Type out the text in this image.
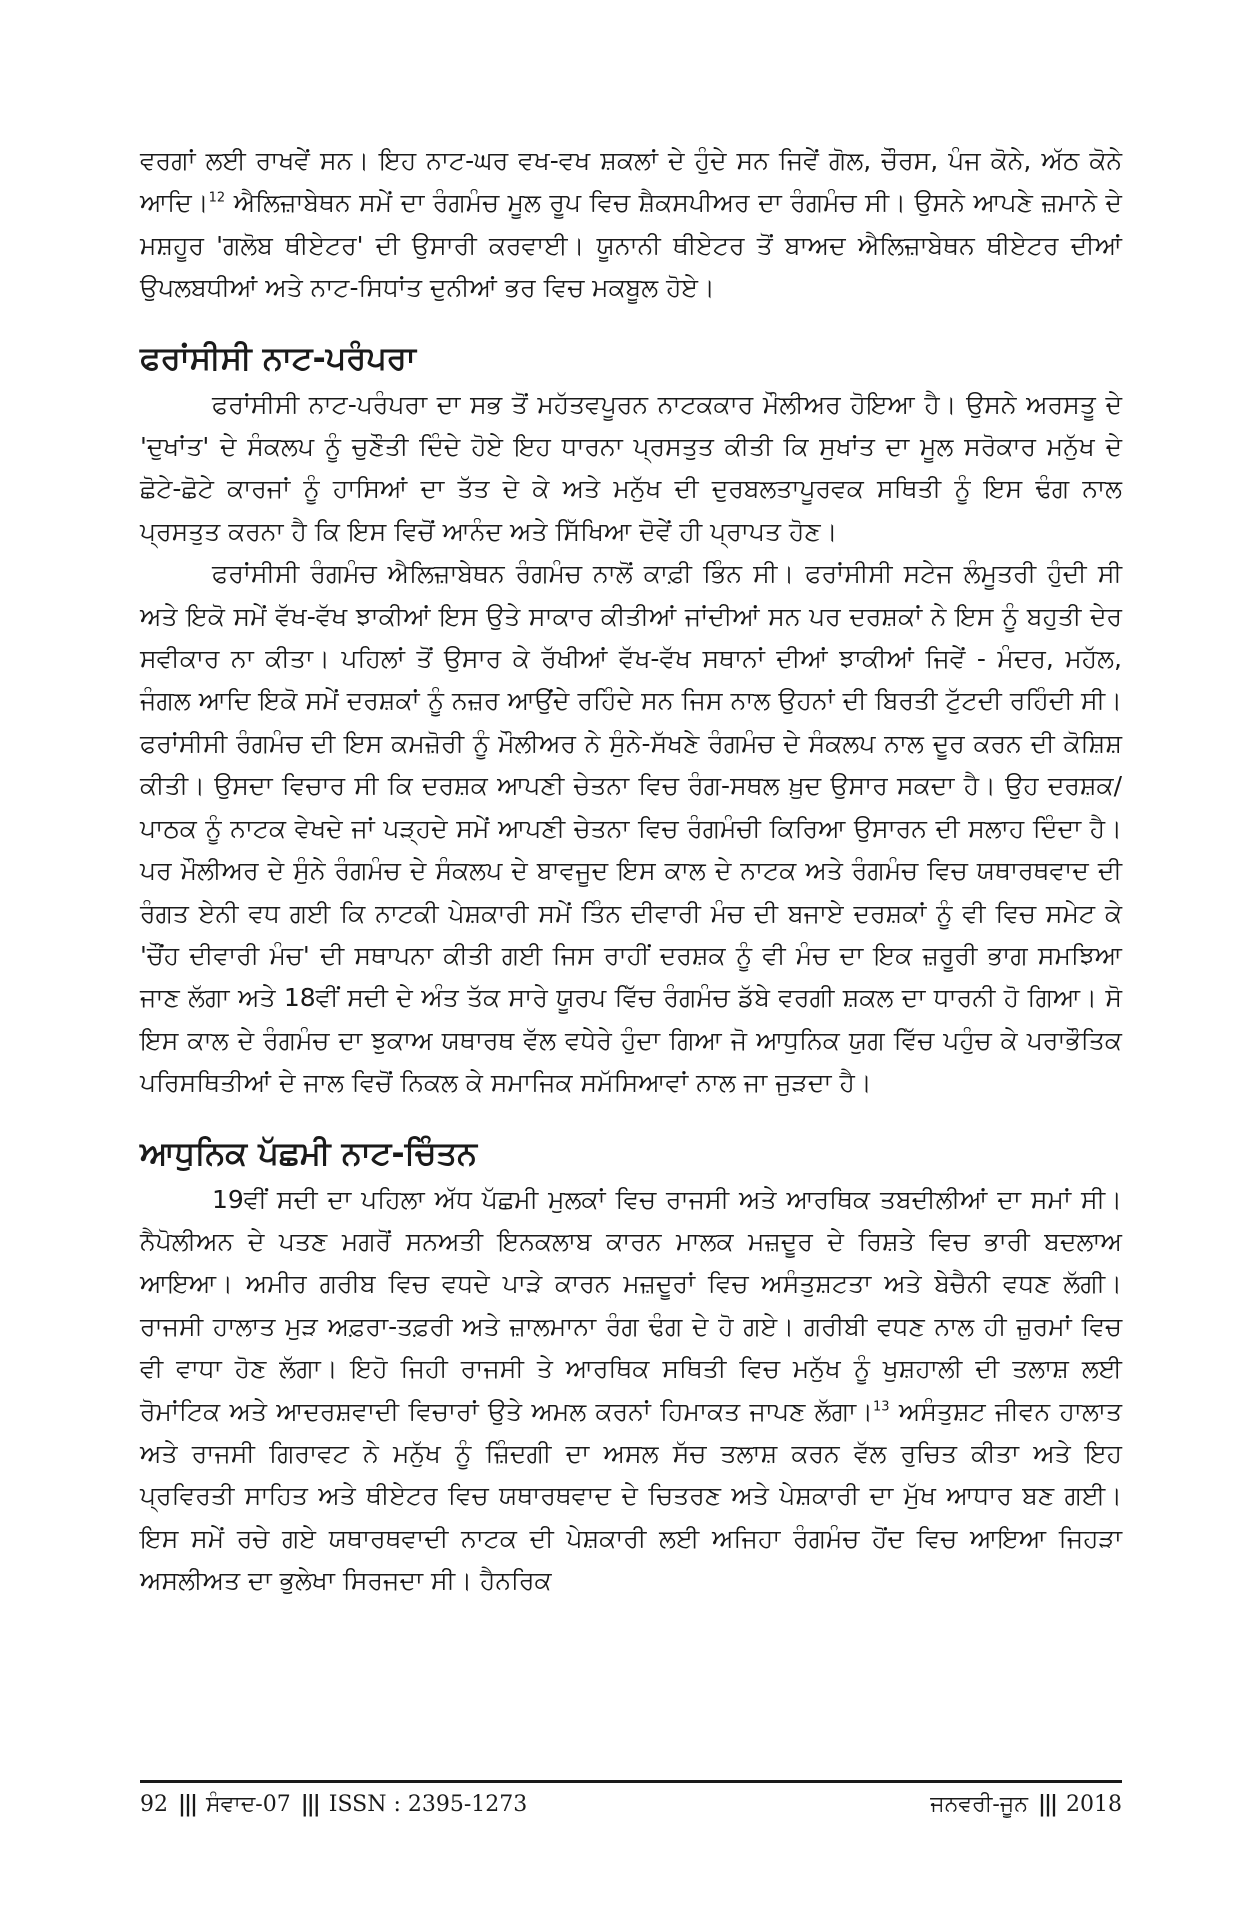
ਵਰਗਾਂ ਲਈ ਰਾਖਵੇਂ ਸਨ। ਇਹ ਨਾਟ-ਘਰ ਵਖ-ਵਖ ਸ਼ਕਲਾਂ ਦੇ ਹੁੰਦੇ ਸਨ ਜਿਵੇਂ ਗੋਲ, ਚੌਰਸ, ਪੰਜ ਕੋਨੇ, ਅੱਠ ਕੋਨੇ ਆਦਿ।$^{12}$ ਐਲਿਜ਼ਾਬੇਥਨ ਸਮੇਂ ਦਾ ਰੰਗਮੰਚ ਮੂਲ ਰੂਪ ਵਿਚ ਸ਼ੈਕਸਪੀਅਰ ਦਾ ਰੰਗਮੰਚ ਸੀ। ਉਸਨੇ ਆਪਣੇ ਜ਼ਮਾਨੇ ਦੇ ਮਸ਼ਹੂਰ 'ਗਲੋਬ ਥੀਏਟਰ' ਦੀ ਉਸਾਰੀ ਕਰਵਾਈ। ਯੂਨਾਨੀ ਥੀਏਟਰ ਤੋਂ ਬਾਅਦ ਐਲਿਜ਼ਾਬੇਥਨ ਥੀਏਟਰ ਦੀਆਂ ਉਪਲਬਧੀਆਂ ਅਤੇ ਨਾਟ-ਸਿਧਾਂਤ ਦੁਨੀਆਂ ਭਰ ਵਿਚ ਮਕਬੂਲ ਹੋਏ।

ਫਰਾਂਸੀਸੀ ਨਾਟ-ਪਰੰਪਰਾ

ਫਰਾਂਸੀਸੀ ਨਾਟ-ਪਰੰਪਰਾ ਦਾ ਸਭ ਤੋਂ ਮਹੱਤਵਪੂਰਨ ਨਾਟਕਕਾਰ ਮੌਲੀਅਰ ਹੋਇਆ ਹੈ। ਉਸਨੇ ਅਰਸਤੂ ਦੇ 'ਦੁਖਾਂਤ' ਦੇ ਸੰਕਲਪ ਨੂੰ ਚੁਣੌਤੀ ਦਿੰਦੇ ਹੋਏ ਇਹ ਧਾਰਨਾ ਪ੍ਰਸਤੁਤ ਕੀਤੀ ਕਿ ਸੁਖਾਂਤ ਦਾ ਮੂਲ ਸਰੋਕਾਰ ਮਨੁੱਖ ਦੇ ਛੋਟੇ-ਛੋਟੇ ਕਾਰਜਾਂ ਨੂੰ ਹਾਸਿਆਂ ਦਾ ਤੱਤ ਦੇ ਕੇ ਅਤੇ ਮਨੁੱਖ ਦੀ ਦੁਰਬਲਤਾਪੂਰਵਕ ਸਥਿਤੀ ਨੂੰ ਇਸ ਢੰਗ ਨਾਲ ਪ੍ਰਸਤੁਤ ਕਰਨਾ ਹੈ ਕਿ ਇਸ ਵਿਚੋਂ ਆਨੰਦ ਅਤੇ ਸਿੱਖਿਆ ਦੋਵੇਂ ਹੀ ਪ੍ਰਾਪਤ ਹੋਣ।

ਫਰਾਂਸੀਸੀ ਰੰਗਮੰਚ ਐਲਿਜ਼ਾਬੇਥਨ ਰੰਗਮੰਚ ਨਾਲੋਂ ਕਾਫ਼ੀ ਭਿੰਨ ਸੀ। ਫਰਾਂਸੀਸੀ ਸਟੇਜ ਲੰਮੂਤਰੀ ਹੁੰਦੀ ਸੀ ਅਤੇ ਇਕੋ ਸਮੇਂ ਵੱਖ-ਵੱਖ ਝਾਕੀਆਂ ਇਸ ਉਤੇ ਸਾਕਾਰ ਕੀਤੀਆਂ ਜਾਂਦੀਆਂ ਸਨ ਪਰ ਦਰਸ਼ਕਾਂ ਨੇ ਇਸ ਨੂੰ ਬਹੁਤੀ ਦੇਰ ਸਵੀਕਾਰ ਨਾ ਕੀਤਾ। ਪਹਿਲਾਂ ਤੋਂ ਉਸਾਰ ਕੇ ਰੱਖੀਆਂ ਵੱਖ-ਵੱਖ ਸਥਾਨਾਂ ਦੀਆਂ ਝਾਕੀਆਂ ਜਿਵੇਂ - ਮੰਦਰ, ਮਹੱਲ, ਜੰਗਲ ਆਦਿ ਇਕੋ ਸਮੇਂ ਦਰਸ਼ਕਾਂ ਨੂੰ ਨਜ਼ਰ ਆਉਂਦੇ ਰਹਿੰਦੇ ਸਨ ਜਿਸ ਨਾਲ ਉਹਨਾਂ ਦੀ ਬਿਰਤੀ ਟੁੱਟਦੀ ਰਹਿੰਦੀ ਸੀ। ਫਰਾਂਸੀਸੀ ਰੰਗਮੰਚ ਦੀ ਇਸ ਕਮਜ਼ੋਰੀ ਨੂੰ ਮੌਲੀਅਰ ਨੇ ਸੁੰਨੇ-ਸੱਖਣੇ ਰੰਗਮੰਚ ਦੇ ਸੰਕਲਪ ਨਾਲ ਦੂਰ ਕਰਨ ਦੀ ਕੋਸ਼ਿਸ਼ ਕੀਤੀ। ਉਸਦਾ ਵਿਚਾਰ ਸੀ ਕਿ ਦਰਸ਼ਕ ਆਪਣੀ ਚੇਤਨਾ ਵਿਚ ਰੰਗ-ਸਥਲ ਖ਼ੁਦ ਉਸਾਰ ਸਕਦਾ ਹੈ। ਉਹ ਦਰਸ਼ਕ/ਪਾਠਕ ਨੂੰ ਨਾਟਕ ਵੇਖਦੇ ਜਾਂ ਪੜ੍ਹਦੇ ਸਮੇਂ ਆਪਣੀ ਚੇਤਨਾ ਵਿਚ ਰੰਗਮੰਚੀ ਕਿਰਿਆ ਉਸਾਰਨ ਦੀ ਸਲਾਹ ਦਿੰਦਾ ਹੈ। ਪਰ ਮੌਲੀਅਰ ਦੇ ਸੁੰਨੇ ਰੰਗਮੰਚ ਦੇ ਸੰਕਲਪ ਦੇ ਬਾਵਜੂਦ ਇਸ ਕਾਲ ਦੇ ਨਾਟਕ ਅਤੇ ਰੰਗਮੰਚ ਵਿਚ ਯਥਾਰਥਵਾਦ ਦੀ ਰੰਗਤ ਏਨੀ ਵਧ ਗਈ ਕਿ ਨਾਟਕੀ ਪੇਸ਼ਕਾਰੀ ਸਮੇਂ ਤਿੰਨ ਦੀਵਾਰੀ ਮੰਚ ਦੀ ਬਜਾਏ ਦਰਸ਼ਕਾਂ ਨੂੰ ਵੀ ਵਿਚ ਸਮੇਟ ਕੇ 'ਚੌਂਹ ਦੀਵਾਰੀ ਮੰਚ' ਦੀ ਸਥਾਪਨਾ ਕੀਤੀ ਗਈ ਜਿਸ ਰਾਹੀਂ ਦਰਸ਼ਕ ਨੂੰ ਵੀ ਮੰਚ ਦਾ ਇਕ ਜ਼ਰੂਰੀ ਭਾਗ ਸਮਝਿਆ ਜਾਣ ਲੱਗਾ ਅਤੇ 18ਵੀਂ ਸਦੀ ਦੇ ਅੰਤ ਤੱਕ ਸਾਰੇ ਯੂਰਪ ਵਿੱਚ ਰੰਗਮੰਚ ਡੱਬੇ ਵਰਗੀ ਸ਼ਕਲ ਦਾ ਧਾਰਨੀ ਹੋ ਗਿਆ। ਸੋ ਇਸ ਕਾਲ ਦੇ ਰੰਗਮੰਚ ਦਾ ਝੁਕਾਅ ਯਥਾਰਥ ਵੱਲ ਵਧੇਰੇ ਹੁੰਦਾ ਗਿਆ ਜੋ ਆਧੁਨਿਕ ਯੁਗ ਵਿੱਚ ਪਹੁੰਚ ਕੇ ਪਰਾਭੌਤਿਕ ਪਰਿਸਥਿਤੀਆਂ ਦੇ ਜਾਲ ਵਿਚੋਂ ਨਿਕਲ ਕੇ ਸਮਾਜਿਕ ਸਮੱਸਿਆਵਾਂ ਨਾਲ ਜਾ ਜੁੜਦਾ ਹੈ।

ਆਧੁਨਿਕ ਪੱਛਮੀ ਨਾਟ-ਚਿੰਤਨ

19ਵੀਂ ਸਦੀ ਦਾ ਪਹਿਲਾ ਅੱਧ ਪੱਛਮੀ ਮੁਲਕਾਂ ਵਿਚ ਰਾਜਸੀ ਅਤੇ ਆਰਥਿਕ ਤਬਦੀਲੀਆਂ ਦਾ ਸਮਾਂ ਸੀ। ਨੈਪੋਲੀਅਨ ਦੇ ਪਤਣ ਮਗਰੋਂ ਸਨਅਤੀ ਇਨਕਲਾਬ ਕਾਰਨ ਮਾਲਕ ਮਜ਼ਦੂਰ ਦੇ ਰਿਸ਼ਤੇ ਵਿਚ ਭਾਰੀ ਬਦਲਾਅ ਆਇਆ। ਅਮੀਰ ਗਰੀਬ ਵਿਚ ਵਧਦੇ ਪਾੜੇ ਕਾਰਨ ਮਜ਼ਦੂਰਾਂ ਵਿਚ ਅਸੰਤੁਸ਼ਟਤਾ ਅਤੇ ਬੇਚੈਨੀ ਵਧਣ ਲੱਗੀ। ਰਾਜਸੀ ਹਾਲਾਤ ਮੁੜ ਅਫ਼ਰਾ-ਤਫ਼ਰੀ ਅਤੇ ਜ਼ਾਲਮਾਨਾ ਰੰਗ ਢੰਗ ਦੇ ਹੋ ਗਏ। ਗਰੀਬੀ ਵਧਣ ਨਾਲ ਹੀ ਜ਼ੁਰਮਾਂ ਵਿਚ ਵੀ ਵਾਧਾ ਹੋਣ ਲੱਗਾ। ਇਹੋ ਜਿਹੀ ਰਾਜਸੀ ਤੇ ਆਰਥਿਕ ਸਥਿਤੀ ਵਿਚ ਮਨੁੱਖ ਨੂੰ ਖੁਸ਼ਹਾਲੀ ਦੀ ਤਲਾਸ਼ ਲਈ ਰੋਮਾਂਟਿਕ ਅਤੇ ਆਦਰਸ਼ਵਾਦੀ ਵਿਚਾਰਾਂ ਉਤੇ ਅਮਲ ਕਰਨਾਂ ਹਿਮਾਕਤ ਜਾਪਣ ਲੱਗਾ।$^{13}$ ਅਸੰਤੁਸ਼ਟ ਜੀਵਨ ਹਾਲਾਤ ਅਤੇ ਰਾਜਸੀ ਗਿਰਾਵਟ ਨੇ ਮਨੁੱਖ ਨੂੰ ਜ਼ਿੰਦਗੀ ਦਾ ਅਸਲ ਸੱਚ ਤਲਾਸ਼ ਕਰਨ ਵੱਲ ਰੁਚਿਤ ਕੀਤਾ ਅਤੇ ਇਹ ਪ੍ਰਵਿਰਤੀ ਸਾਹਿਤ ਅਤੇ ਥੀਏਟਰ ਵਿਚ ਯਥਾਰਥਵਾਦ ਦੇ ਚਿਤਰਣ ਅਤੇ ਪੇਸ਼ਕਾਰੀ ਦਾ ਮੁੱਖ ਆਧਾਰ ਬਣ ਗਈ। ਇਸ ਸਮੇਂ ਰਚੇ ਗਏ ਯਥਾਰਥਵਾਦੀ ਨਾਟਕ ਦੀ ਪੇਸ਼ਕਾਰੀ ਲਈ ਅਜਿਹਾ ਰੰਗਮੰਚ ਹੋਂਦ ਵਿਚ ਆਇਆ ਜਿਹੜਾ ਅਸਲੀਅਤ ਦਾ ਭੁਲੇਖਾ ਸਿਰਜਦਾ ਸੀ। ਹੈਨਰਿਕ

92 ||| ਸੰਵਾਦ-07 ||| ISSN : 2395-1273	ਜਨਵਰੀ-ਜੂਨ ||| 2018
